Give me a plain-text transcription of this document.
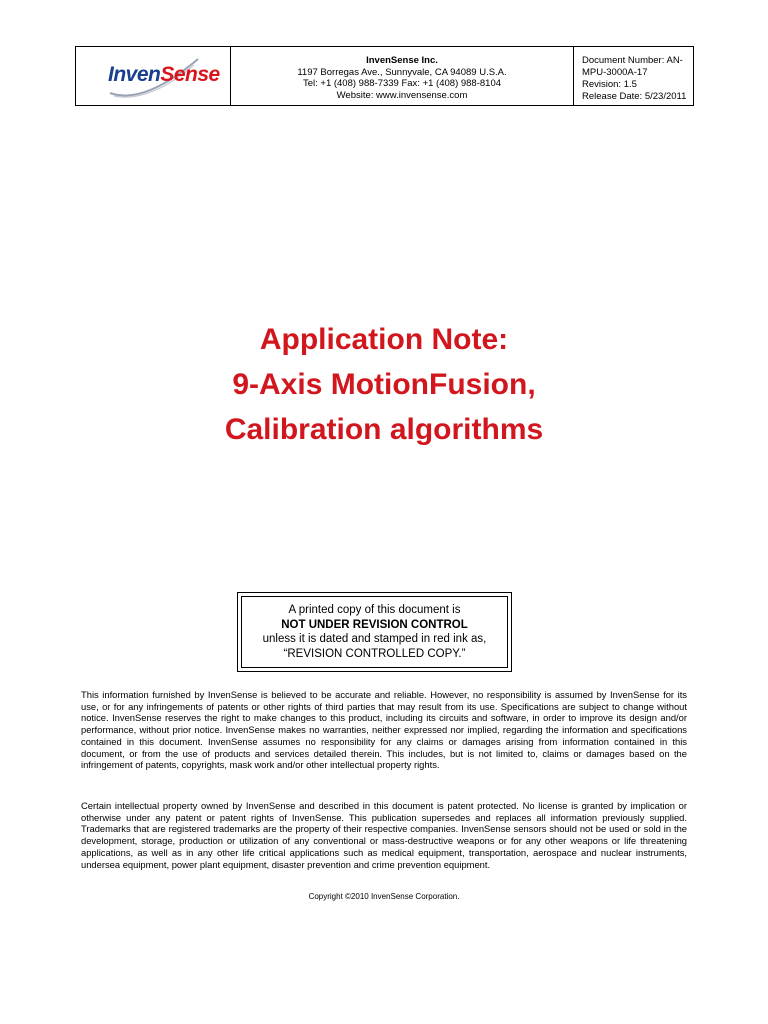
InvenSense
InvenSense Inc.
1197 Borregas Ave., Sunnyvale, CA 94089 U.S.A.
Tel: +1 (408) 988-7339 Fax: +1 (408) 988-8104
Website: www.invensense.com
Document Number: AN-MPU-3000A-17
Revision: 1.5
Release Date: 5/23/2011
Application Note:
9-Axis MotionFusion,
Calibration algorithms
A printed copy of this document is
NOT UNDER REVISION CONTROL
unless it is dated and stamped in red ink as,
“REVISION CONTROLLED COPY.”
This information furnished by InvenSense is believed to be accurate and reliable. However, no responsibility is assumed by InvenSense for its use, or for any infringements of patents or other rights of third parties that may result from its use. Specifications are subject to change without notice. InvenSense reserves the right to make changes to this product, including its circuits and software, in order to improve its design and/or performance, without prior notice. InvenSense makes no warranties, neither expressed nor implied, regarding the information and specifications contained in this document. InvenSense assumes no responsibility for any claims or damages arising from information contained in this document, or from the use of products and services detailed therein. This includes, but is not limited to, claims or damages based on the infringement of patents, copyrights, mask work and/or other intellectual property rights.
Certain intellectual property owned by InvenSense and described in this document is patent protected. No license is granted by implication or otherwise under any patent or patent rights of InvenSense. This publication supersedes and replaces all information previously supplied. Trademarks that are registered trademarks are the property of their respective companies. InvenSense sensors should not be used or sold in the development, storage, production or utilization of any conventional or mass-destructive weapons or for any other weapons or life threatening applications, as well as in any other life critical applications such as medical equipment, transportation, aerospace and nuclear instruments, undersea equipment, power plant equipment, disaster prevention and crime prevention equipment.
Copyright ©2010 InvenSense Corporation.
